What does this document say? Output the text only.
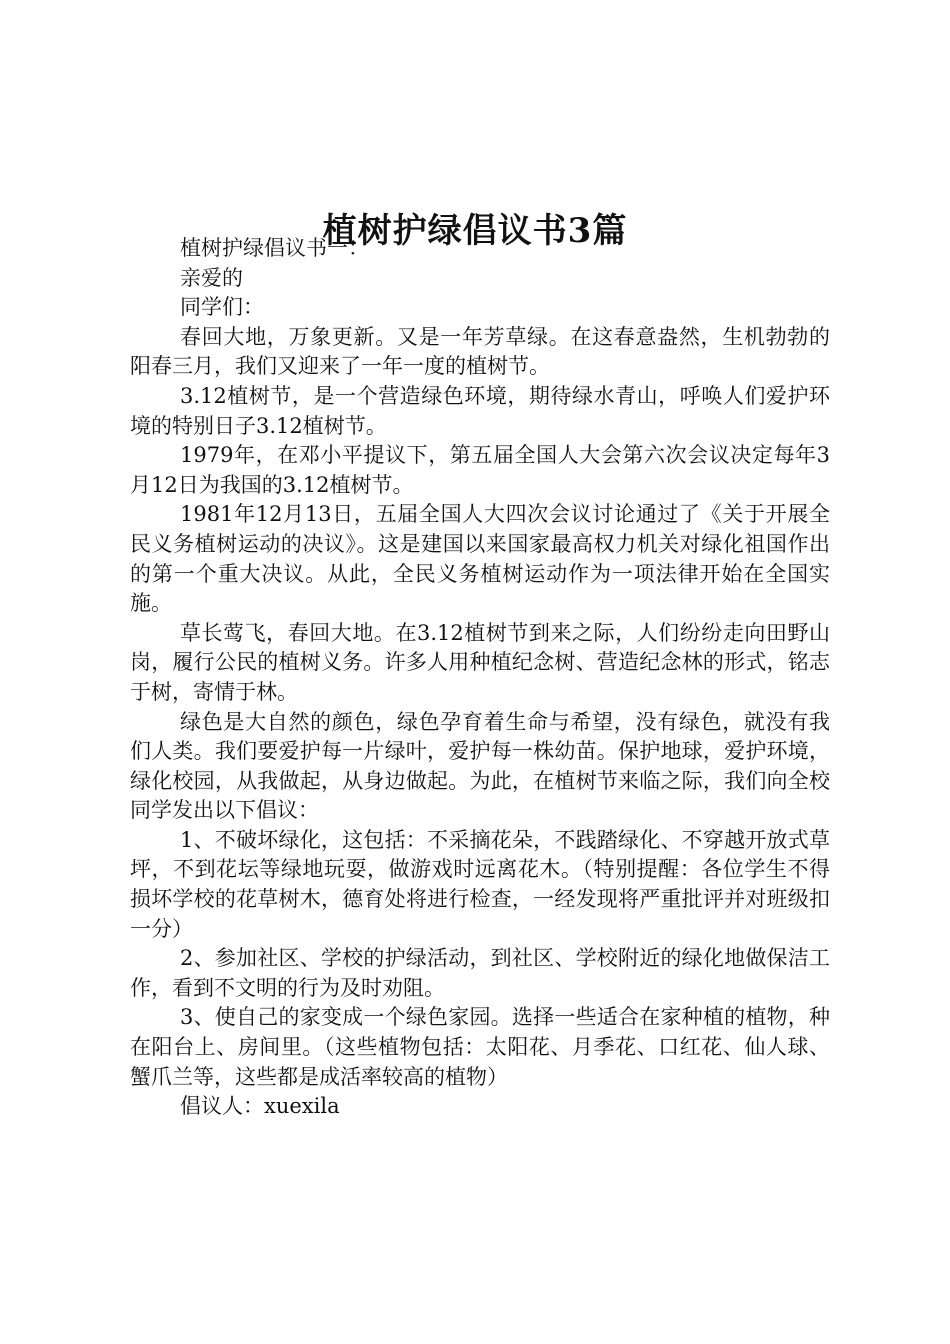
植树护绿倡议书3篇

植树护绿倡议书一：

亲爱的

同学们：

春回大地，万象更新。又是一年芳草绿。在这春意盎然，生机勃勃的阳春三月，我们又迎来了一年一度的植树节。

3.12植树节，是一个营造绿色环境，期待绿水青山，呼唤人们爱护环境的特别日子3.12植树节。

1979年，在邓小平提议下，第五届全国人大会第六次会议决定每年3月12日为我国的3.12植树节。

1981年12月13日，五届全国人大四次会议讨论通过了《关于开展全民义务植树运动的决议》。这是建国以来国家最高权力机关对绿化祖国作出的第一个重大决议。从此，全民义务植树运动作为一项法律开始在全国实施。

草长莺飞，春回大地。在3.12植树节到来之际，人们纷纷走向田野山岗，履行公民的植树义务。许多人用种植纪念树、营造纪念林的形式，铭志于树，寄情于林。

绿色是大自然的颜色，绿色孕育着生命与希望，没有绿色，就没有我们人类。我们要爱护每一片绿叶，爱护每一株幼苗。保护地球，爱护环境，绿化校园，从我做起，从身边做起。为此，在植树节来临之际，我们向全校同学发出以下倡议：

1、不破坏绿化，这包括：不采摘花朵，不践踏绿化、不穿越开放式草坪，不到花坛等绿地玩耍，做游戏时远离花木。（特别提醒：各位学生不得损坏学校的花草树木，德育处将进行检查，一经发现将严重批评并对班级扣一分）

2、参加社区、学校的护绿活动，到社区、学校附近的绿化地做保洁工作，看到不文明的行为及时劝阻。

3、使自己的家变成一个绿色家园。选择一些适合在家种植的植物，种在阳台上、房间里。（这些植物包括：太阳花、月季花、口红花、仙人球、蟹爪兰等，这些都是成活率较高的植物）

倡议人：xuexila
